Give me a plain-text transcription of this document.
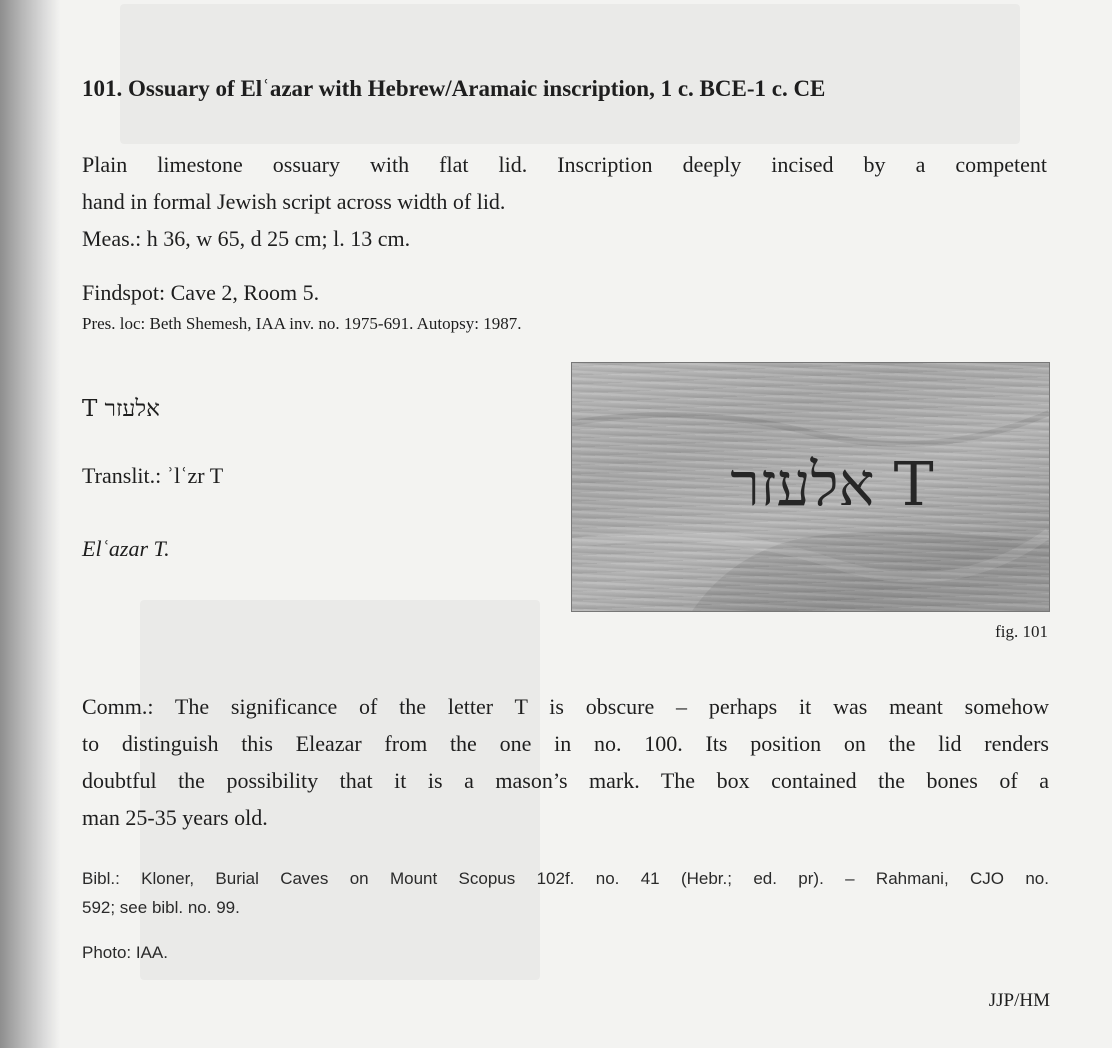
101. Ossuary of Elʿazar with Hebrew/Aramaic inscription, 1 c. BCE-1 c. CE
Plain limestone ossuary with flat lid. Inscription deeply incised by a competent
hand in formal Jewish script across width of lid.
Meas.: h 36, w 65, d 25 cm; l. 13 cm.
Findspot: Cave 2, Room 5.
Pres. loc: Beth Shemesh, IAA inv. no. 1975-691. Autopsy: 1987.
אלעזר T
Translit.: ʾlʿzr T
Elʿazar T.
אלעזר T
fig. 101
Comm.: The significance of the letter T is obscure – perhaps it was meant somehow
to distinguish this Eleazar from the one in no. 100. Its position on the lid renders
doubtful the possibility that it is a mason’s mark. The box contained the bones of a
man 25-35 years old.
Bibl.: Kloner, Burial Caves on Mount Scopus 102f. no. 41 (Hebr.; ed. pr). – Rahmani, CJO no.
592; see bibl. no. 99.
Photo: IAA.
JJP/HM
